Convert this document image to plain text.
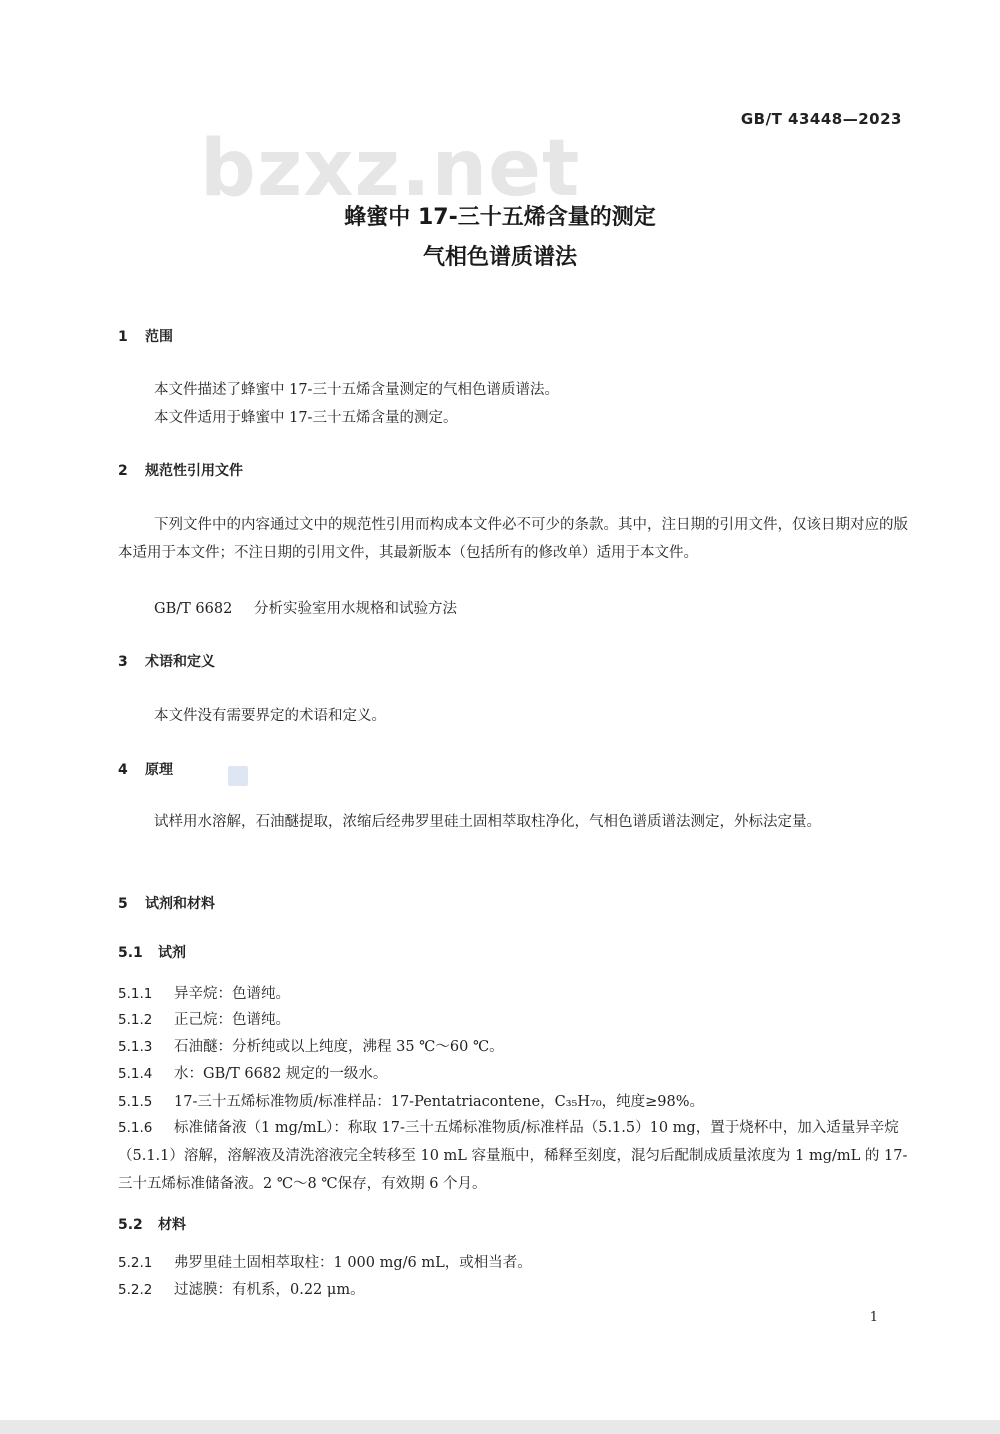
bzxz.net
GB/T 43448—2023
蜂蜜中 17-三十五烯含量的测定
气相色谱质谱法
1 范围
本文件描述了蜂蜜中 17-三十五烯含量测定的气相色谱质谱法。
本文件适用于蜂蜜中 17-三十五烯含量的测定。
2 规范性引用文件
下列文件中的内容通过文中的规范性引用而构成本文件必不可少的条款。其中，注日期的引用文件，仅该日期对应的版本适用于本文件；不注日期的引用文件，其最新版本（包括所有的修改单）适用于本文件。
GB/T 6682 分析实验室用水规格和试验方法
3 术语和定义
本文件没有需要界定的术语和定义。
4 原理
试样用水溶解，石油醚提取，浓缩后经弗罗里硅土固相萃取柱净化，气相色谱质谱法测定，外标法定量。
5 试剂和材料
5.1 试剂
5.1.1 异辛烷：色谱纯。
5.1.2 正己烷：色谱纯。
5.1.3 石油醚：分析纯或以上纯度，沸程 35 ℃～60 ℃。
5.1.4 水：GB/T 6682 规定的一级水。
5.1.5 17-三十五烯标准物质/标准样品：17-Pentatriacontene，C₃₅H₇₀，纯度≥98%。
5.1.6 标准储备液（1 mg/mL）：称取 17-三十五烯标准物质/标准样品（5.1.5）10 mg，置于烧杯中，加入适量异辛烷（5.1.1）溶解，溶解液及清洗溶液完全转移至 10 mL 容量瓶中，稀释至刻度，混匀后配制成质量浓度为 1 mg/mL 的 17-三十五烯标准储备液。2 ℃～8 ℃保存，有效期 6 个月。
5.2 材料
5.2.1 弗罗里硅土固相萃取柱：1 000 mg/6 mL，或相当者。
5.2.2 过滤膜：有机系，0.22 μm。
1
